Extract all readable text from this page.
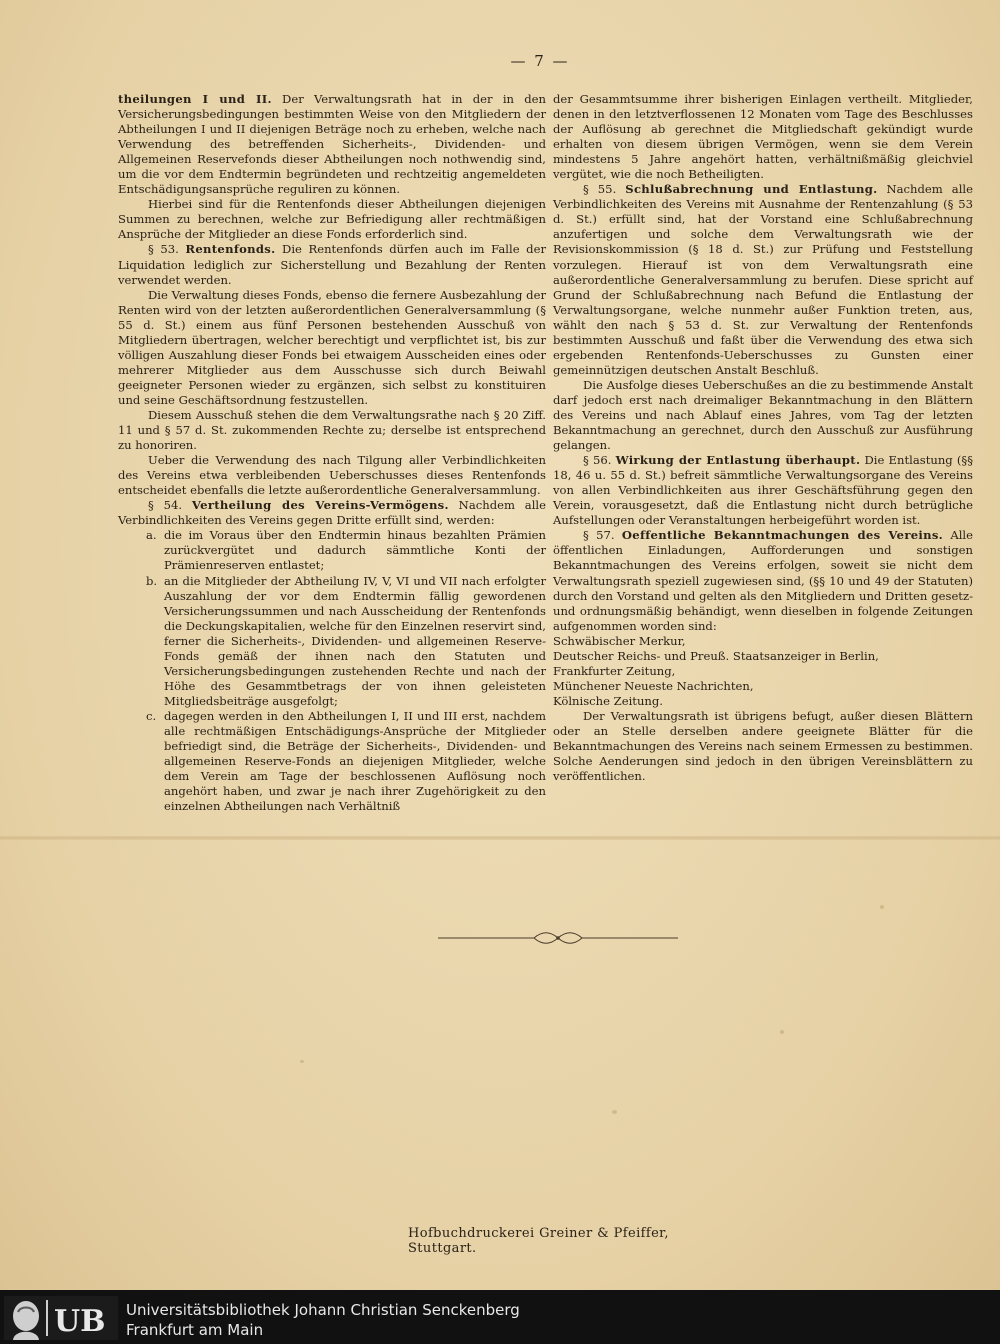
— 7 —

theilungen I und II. Der Verwaltungsrath hat in der in den Versicherungsbedingungen bestimmten Weise von den Mitgliedern der Abtheilungen I und II diejenigen Beträge noch zu erheben, welche nach Verwendung des betreffenden Sicherheits-, Dividenden- und Allgemeinen Reservefonds dieser Abtheilungen noch nothwendig sind, um die vor dem Endtermin begründeten und rechtzeitig angemeldeten Entschädigungsansprüche reguliren zu können.

Hierbei sind für die Rentenfonds dieser Abtheilungen diejenigen Summen zu berechnen, welche zur Befriedigung aller rechtmäßigen Ansprüche der Mitglieder an diese Fonds erforderlich sind.

§ 53. Rentenfonds. Die Rentenfonds dürfen auch im Falle der Liquidation lediglich zur Sicherstellung und Bezahlung der Renten verwendet werden.

Die Verwaltung dieses Fonds, ebenso die fernere Ausbezahlung der Renten wird von der letzten außerordentlichen Generalversammlung (§ 55 d. St.) einem aus fünf Personen bestehenden Ausschuß von Mitgliedern übertragen, welcher berechtigt und verpflichtet ist, bis zur völligen Auszahlung dieser Fonds bei etwaigem Ausscheiden eines oder mehrerer Mitglieder aus dem Ausschusse sich durch Beiwahl geeigneter Personen wieder zu ergänzen, sich selbst zu konstituiren und seine Geschäftsordnung festzustellen.

Diesem Ausschuß stehen die dem Verwaltungsrathe nach § 20 Ziff. 11 und § 57 d. St. zukommenden Rechte zu; derselbe ist entsprechend zu honoriren.

Ueber die Verwendung des nach Tilgung aller Verbindlichkeiten des Vereins etwa verbleibenden Ueberschusses dieses Rentenfonds entscheidet ebenfalls die letzte außerordentliche Generalversammlung.

§ 54. Vertheilung des Vereins-Vermögens. Nachdem alle Verbindlichkeiten des Vereins gegen Dritte erfüllt sind, werden:

a. die im Voraus über den Endtermin hinaus bezahlten Prämien zurückvergütet und dadurch sämmtliche Konti der Prämienreserven entlastet;
b. an die Mitglieder der Abtheilung IV, V, VI und VII nach erfolgter Auszahlung der vor dem Endtermin fällig gewordenen Versicherungssummen und nach Ausscheidung der Rentenfonds die Deckungskapitalien, welche für den Einzelnen reservirt sind, ferner die Sicherheits-, Dividenden- und allgemeinen Reserve-Fonds gemäß der ihnen nach den Statuten und Versicherungsbedingungen zustehenden Rechte und nach der Höhe des Gesammtbetrags der von ihnen geleisteten Mitgliedsbeiträge ausgefolgt;
c. dagegen werden in den Abtheilungen I, II und III erst, nachdem alle rechtmäßigen Entschädigungs-Ansprüche der Mitglieder befriedigt sind, die Beträge der Sicherheits-, Dividenden- und allgemeinen Reserve-Fonds an diejenigen Mitglieder, welche dem Verein am Tage der beschlossenen Auflösung noch angehört haben, und zwar je nach ihrer Zugehörigkeit zu den einzelnen Abtheilungen nach Verhältniß

der Gesammtsumme ihrer bisherigen Einlagen vertheilt. Mitglieder, denen in den letztverflossenen 12 Monaten vom Tage des Beschlusses der Auflösung ab gerechnet die Mitgliedschaft gekündigt wurde erhalten von diesem übrigen Vermögen, wenn sie dem Verein mindestens 5 Jahre angehört hatten, verhältnißmäßig gleichviel vergütet, wie die noch Betheiligten.

§ 55. Schlußabrechnung und Entlastung. Nachdem alle Verbindlichkeiten des Vereins mit Ausnahme der Rentenzahlung (§ 53 d. St.) erfüllt sind, hat der Vorstand eine Schlußabrechnung anzufertigen und solche dem Verwaltungsrath wie der Revisionskommission (§ 18 d. St.) zur Prüfung und Feststellung vorzulegen. Hierauf ist von dem Verwaltungsrath eine außerordentliche Generalversammlung zu berufen. Diese spricht auf Grund der Schlußabrechnung nach Befund die Entlastung der Verwaltungsorgane, welche nunmehr außer Funktion treten, aus, wählt den nach § 53 d. St. zur Verwaltung der Rentenfonds bestimmten Ausschuß und faßt über die Verwendung des etwa sich ergebenden Rentenfonds-Ueberschusses zu Gunsten einer gemeinnützigen deutschen Anstalt Beschluß.

Die Ausfolge dieses Ueberschußes an die zu bestimmende Anstalt darf jedoch erst nach dreimaliger Bekanntmachung in den Blättern des Vereins und nach Ablauf eines Jahres, vom Tag der letzten Bekanntmachung an gerechnet, durch den Ausschuß zur Ausführung gelangen.

§ 56. Wirkung der Entlastung überhaupt. Die Entlastung (§§ 18, 46 u. 55 d. St.) befreit sämmtliche Verwaltungsorgane des Vereins von allen Verbindlichkeiten aus ihrer Geschäftsführung gegen den Verein, vorausgesetzt, daß die Entlastung nicht durch betrügliche Aufstellungen oder Veranstaltungen herbeigeführt worden ist.

§ 57. Oeffentliche Bekanntmachungen des Vereins. Alle öffentlichen Einladungen, Aufforderungen und sonstigen Bekanntmachungen des Vereins erfolgen, soweit sie nicht dem Verwaltungsrath speziell zugewiesen sind, (§§ 10 und 49 der Statuten) durch den Vorstand und gelten als den Mitgliedern und Dritten gesetz- und ordnungsmäßig behändigt, wenn dieselben in folgende Zeitungen aufgenommen worden sind:

Schwäbischer Merkur,

Deutscher Reichs- und Preuß. Staatsanzeiger in Berlin,

Frankfurter Zeitung,

Münchener Neueste Nachrichten,

Kölnische Zeitung.

Der Verwaltungsrath ist übrigens befugt, außer diesen Blättern oder an Stelle derselben andere geeignete Blätter für die Bekanntmachungen des Vereins nach seinem Ermessen zu bestimmen. Solche Aenderungen sind jedoch in den übrigen Vereinsblättern zu veröffentlichen.

Hofbuchdruckerei Greiner & Pfeiffer, Stuttgart.
UB Universitätsbibliothek Johann Christian Senckenberg
Frankfurt am Main
